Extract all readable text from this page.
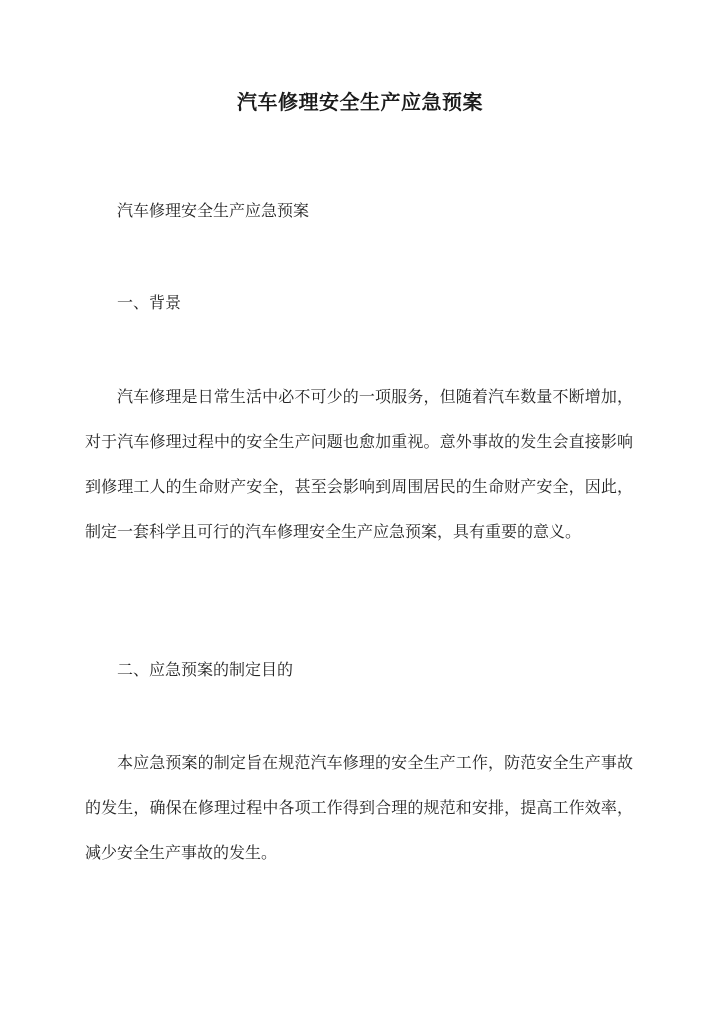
汽车修理安全生产应急预案
汽车修理安全生产应急预案
一、背景
汽车修理是日常生活中必不可少的一项服务，但随着汽车数量不断增加，对于汽车修理过程中的安全生产问题也愈加重视。意外事故的发生会直接影响到修理工人的生命财产安全，甚至会影响到周围居民的生命财产安全，因此，制定一套科学且可行的汽车修理安全生产应急预案，具有重要的意义。
二、应急预案的制定目的
本应急预案的制定旨在规范汽车修理的安全生产工作，防范安全生产事故的发生，确保在修理过程中各项工作得到合理的规范和安排，提高工作效率，减少安全生产事故的发生。
